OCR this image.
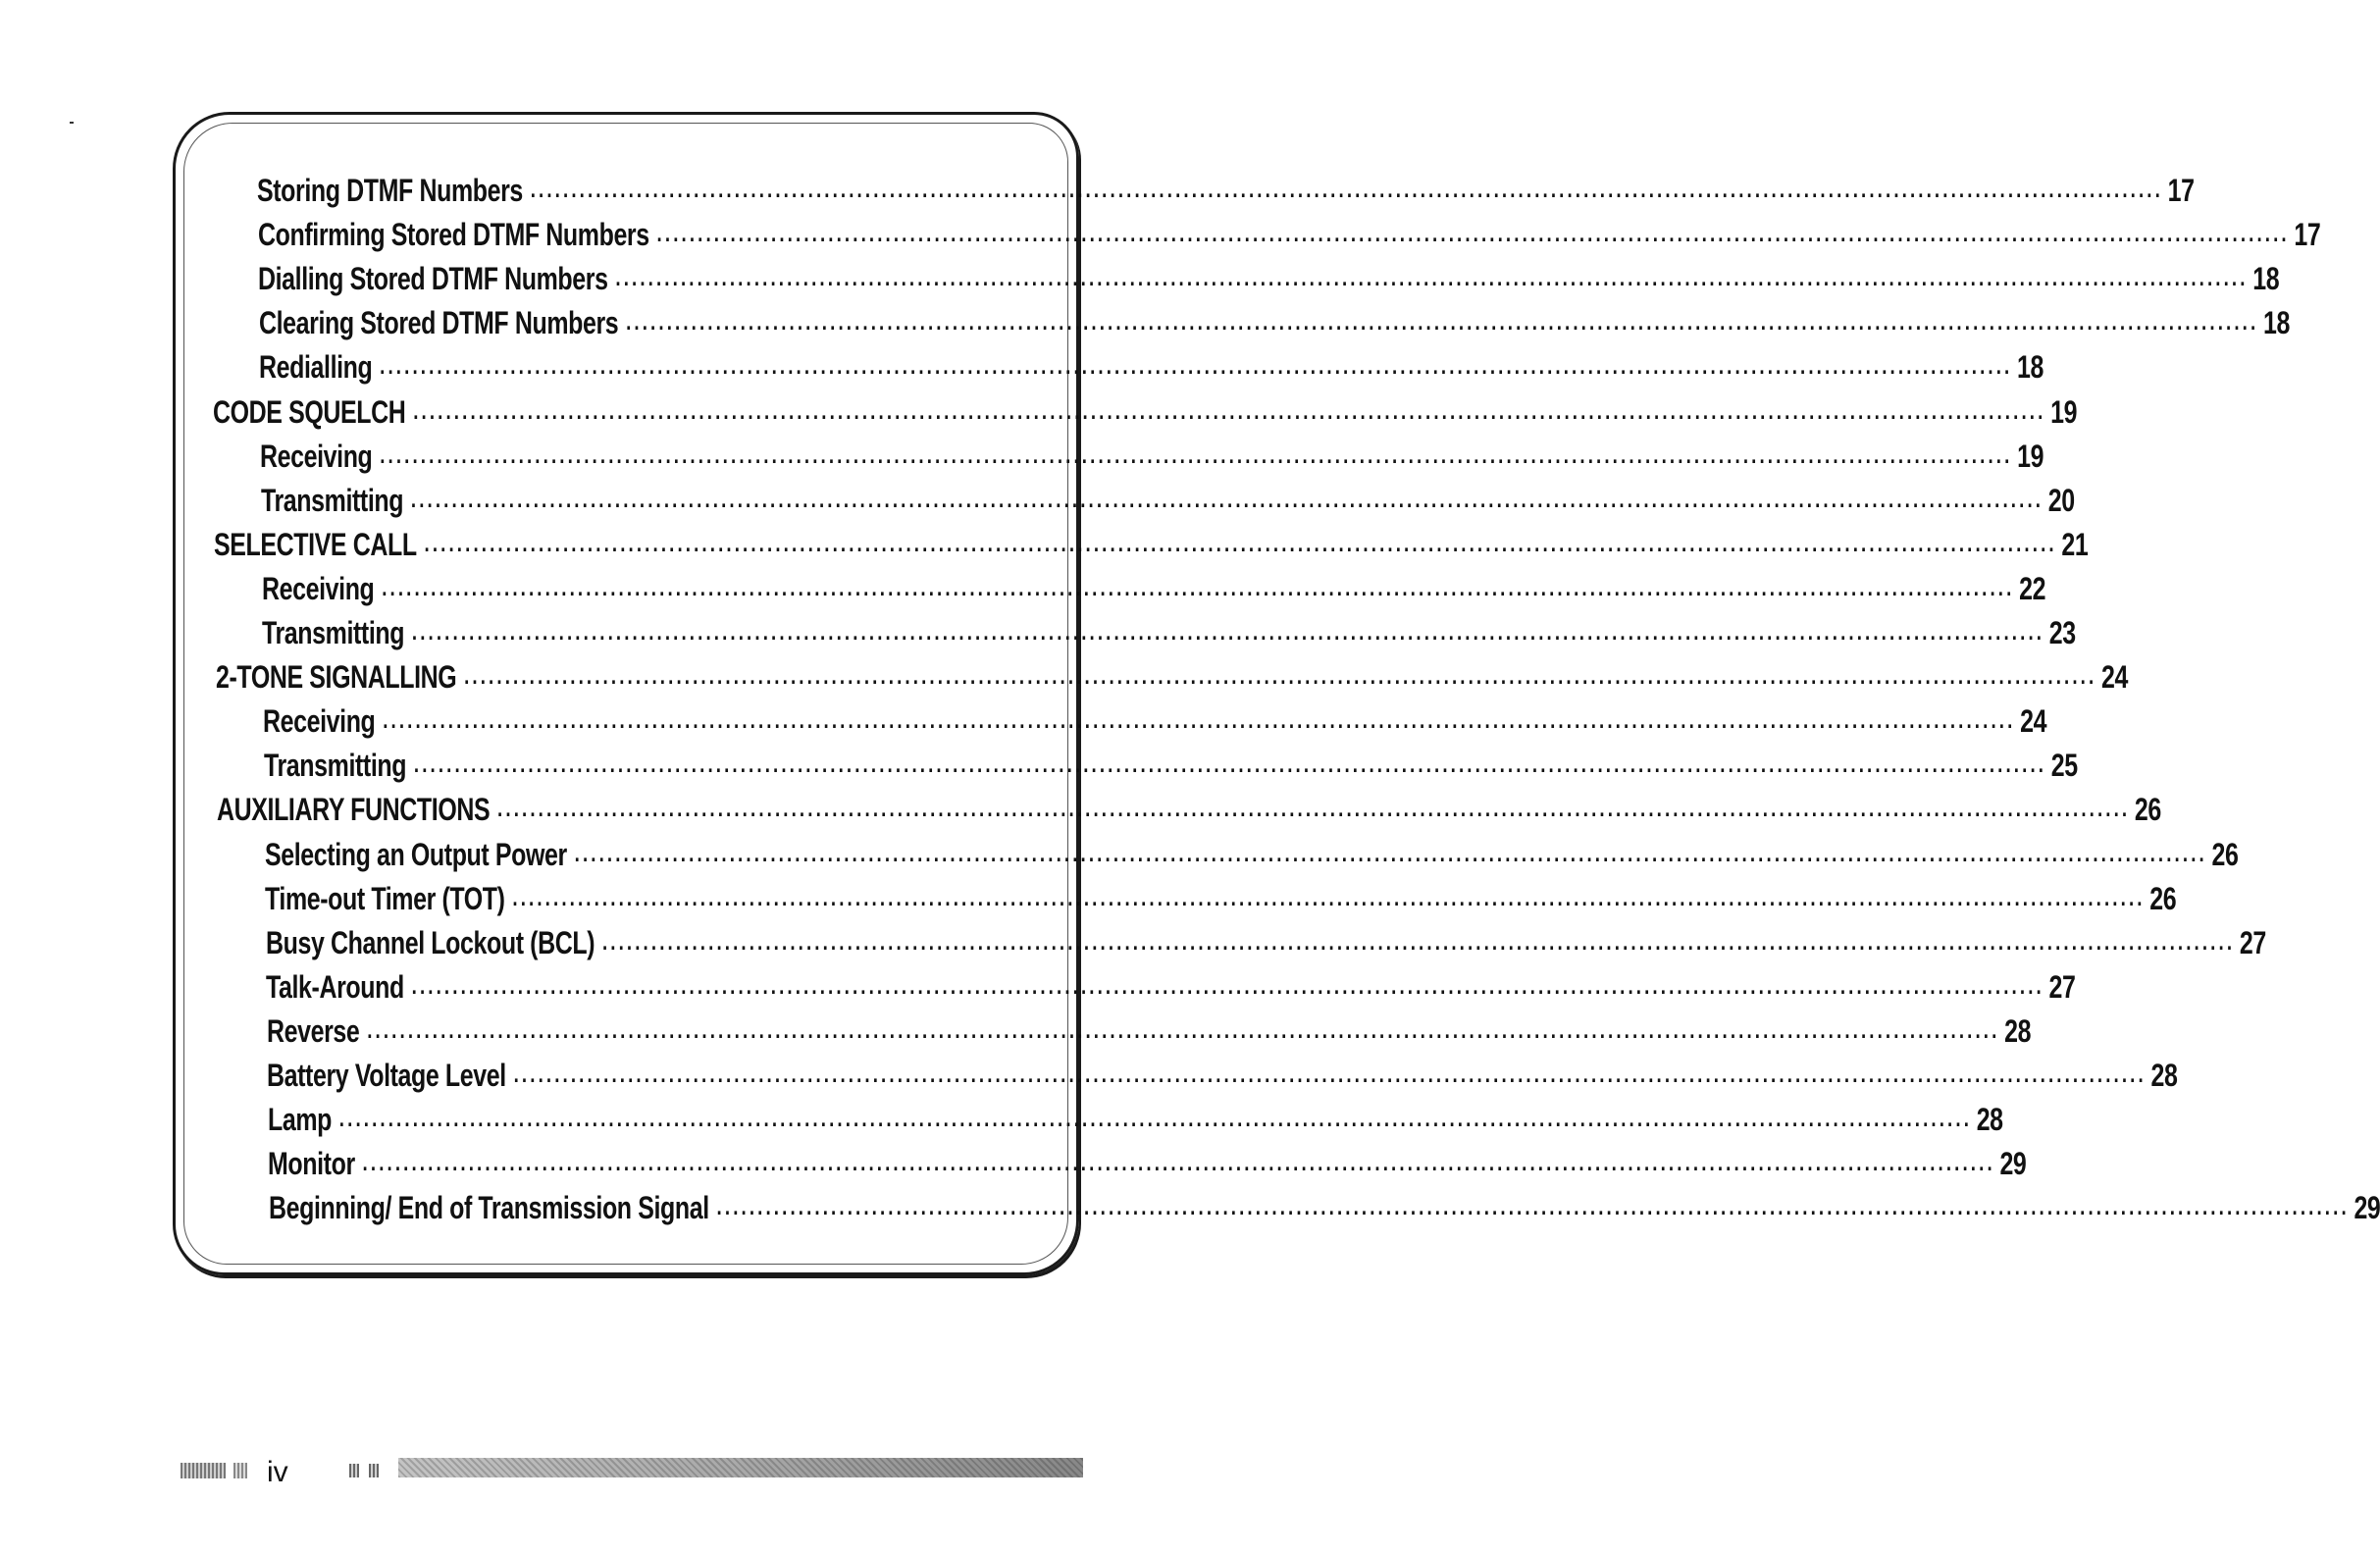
Storing DTMF Numbers ........................................................................................................................................................................................................ 17
Confirming Stored DTMF Numbers ........................................................................................................................................................................................................ 17
Dialling Stored DTMF Numbers ........................................................................................................................................................................................................ 18
Clearing Stored DTMF Numbers ........................................................................................................................................................................................................ 18
Redialling ........................................................................................................................................................................................................ 18
CODE SQUELCH ........................................................................................................................................................................................................ 19
Receiving ........................................................................................................................................................................................................ 19
Transmitting ........................................................................................................................................................................................................ 20
SELECTIVE CALL ........................................................................................................................................................................................................ 21
Receiving ........................................................................................................................................................................................................ 22
Transmitting ........................................................................................................................................................................................................ 23
2-TONE SIGNALLING ........................................................................................................................................................................................................ 24
Receiving ........................................................................................................................................................................................................ 24
Transmitting ........................................................................................................................................................................................................ 25
AUXILIARY FUNCTIONS ........................................................................................................................................................................................................ 26
Selecting an Output Power ........................................................................................................................................................................................................ 26
Time-out Timer (TOT) ........................................................................................................................................................................................................ 26
Busy Channel Lockout (BCL) ........................................................................................................................................................................................................ 27
Talk-Around ........................................................................................................................................................................................................ 27
Reverse ........................................................................................................................................................................................................ 28
Battery Voltage Level ........................................................................................................................................................................................................ 28
Lamp ........................................................................................................................................................................................................ 28
Monitor ........................................................................................................................................................................................................ 29
Beginning/ End of Transmission Signal ........................................................................................................................................................................................................ 29
iv
